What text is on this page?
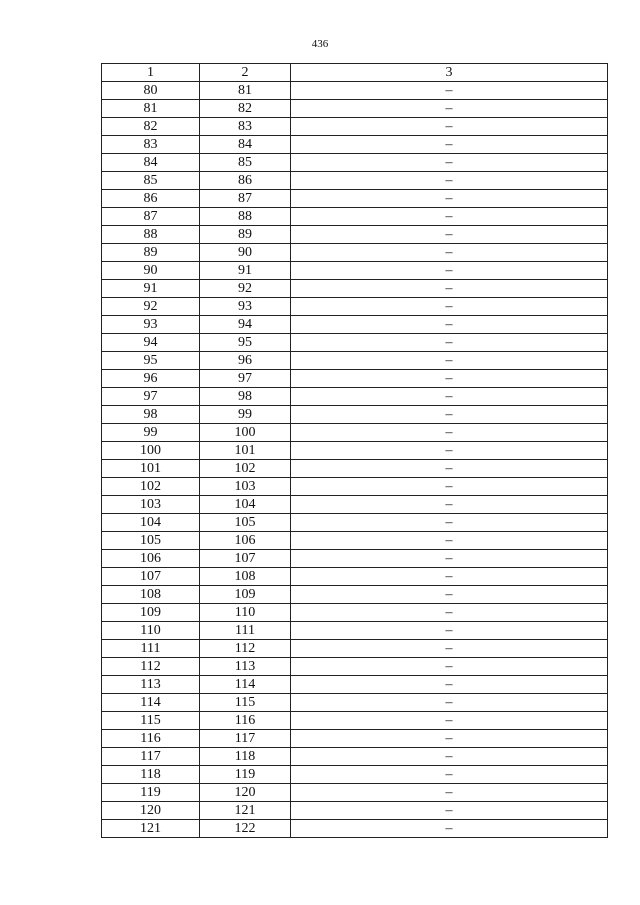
436
1	2	3
80	81	–
81	82	–
82	83	–
83	84	–
84	85	–
85	86	–
86	87	–
87	88	–
88	89	–
89	90	–
90	91	–
91	92	–
92	93	–
93	94	–
94	95	–
95	96	–
96	97	–
97	98	–
98	99	–
99	100	–
100	101	–
101	102	–
102	103	–
103	104	–
104	105	–
105	106	–
106	107	–
107	108	–
108	109	–
109	110	–
110	111	–
111	112	–
112	113	–
113	114	–
114	115	–
115	116	–
116	117	–
117	118	–
118	119	–
119	120	–
120	121	–
121	122	–
